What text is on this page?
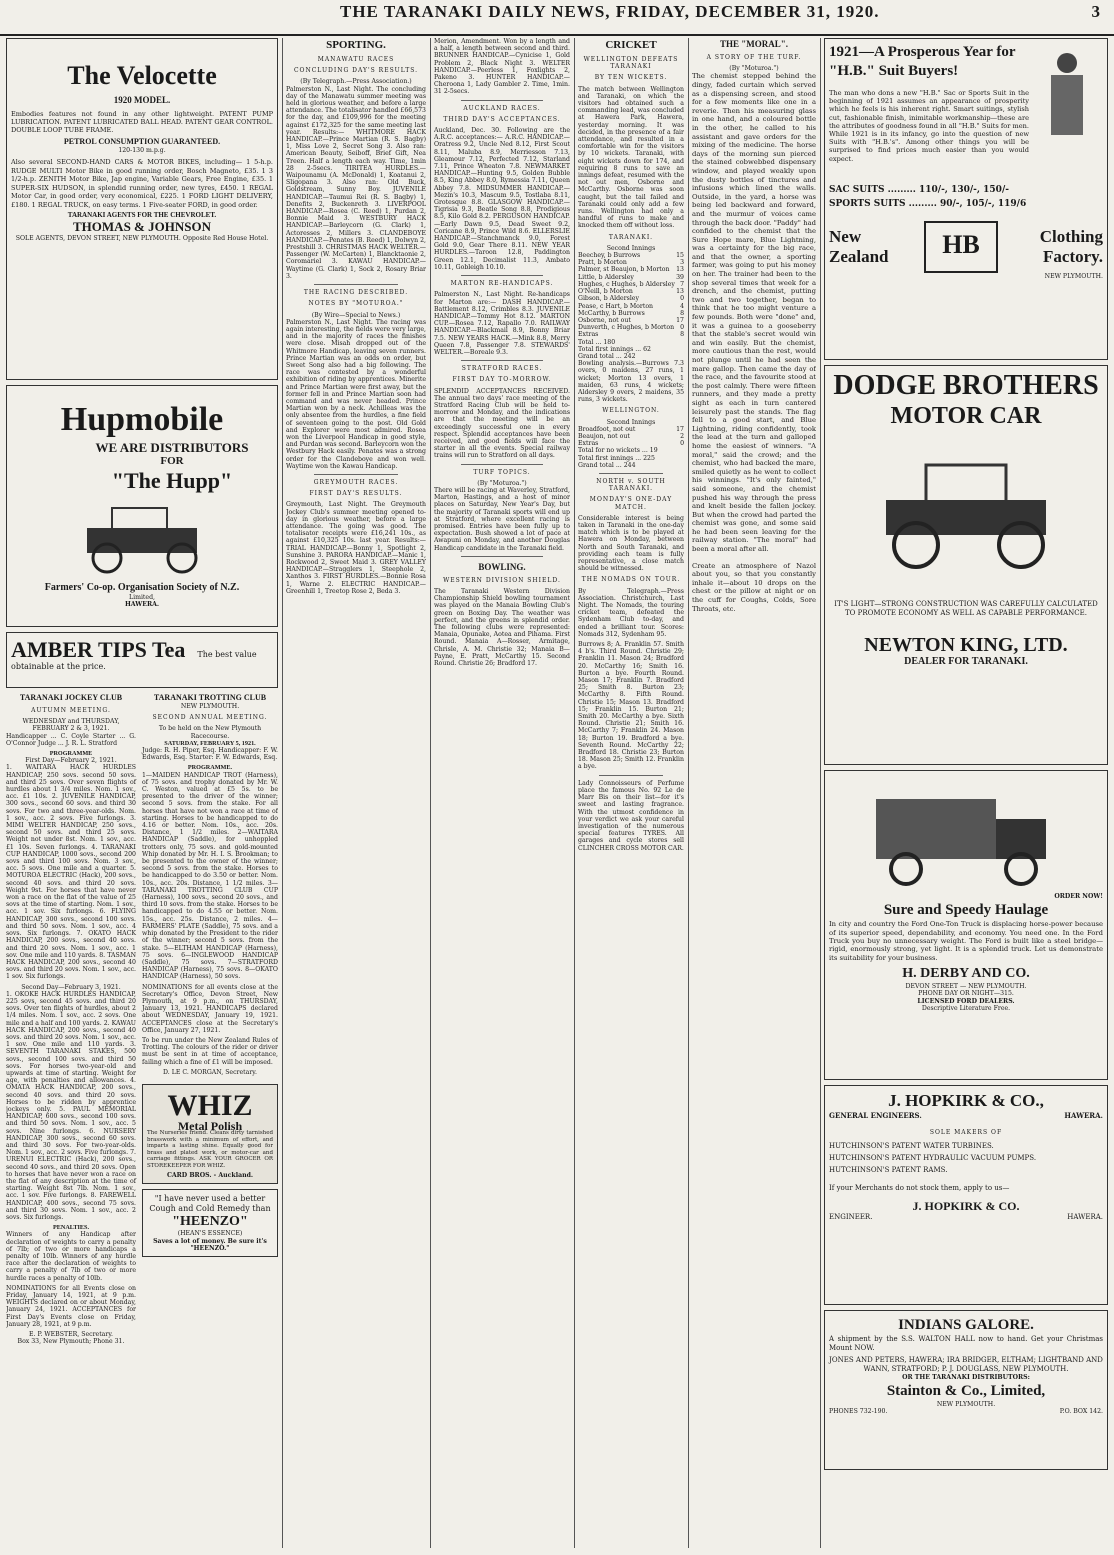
THE TARANAKI DAILY NEWS, FRIDAY, DECEMBER 31, 1920.	3
The Velocette
1920 MODEL.
Embodies features not found in any other lightweight. PATENT PUMP LUBRICATION. PATENT LUBRICATED BALL HEAD. PATENT GEAR CONTROL. DOUBLE LOOP TUBE FRAME.
PETROL CONSUMPTION GUARANTEED.
120-130 m.p.g.
Also several SECOND-HAND CARS & MOTOR BIKES, including— 1 5-h.p. RUDGE MULTI Motor Bike in good running order, Bosch Magneto, £35. 1 3 1/2-h.p. ZENITH Motor Bike, Jap engine, Variable Gears, Free Engine, £35. 1 SUPER-SIX HUDSON, in splendid running order, new tyres, £450. 1 REGAL Motor Car, in good order, very economical, £225. 1 FORD LIGHT DELIVERY, £180. 1 REGAL TRUCK, on easy terms. 1 Five-seater FORD, in good order.
TARANAKI AGENTS FOR THE CHEVROLET.
THOMAS & JOHNSON
SOLE AGENTS, DEVON STREET, NEW PLYMOUTH. Opposite Red House Hotel.
Hupmobile
WE ARE DISTRIBUTORS
FOR
"The Hupp"
Farmers' Co-op. Organisation Society of N.Z.
Limited,
HAWERA.
AMBER TIPS Tea The best value obtainable at the price.
TARANAKI JOCKEY CLUB
AUTUMN MEETING.
WEDNESDAY and THURSDAY, FEBRUARY 2 & 3, 1921.
Handicapper ... C. Coyle Starter ... G. O'Connor Judge ... J. R. L. Stratford
PROGRAMME
First Day—February 2, 1921.
1. WAITARA HACK HURDLES HANDICAP, 250 sovs. second 50 sovs. and third 25 sovs. Over seven flights of hurdles about 1 3/4 miles. Nom. 1 sov., acc. £1 10s. 2. JUVENILE HANDICAP, 300 sovs., second 60 sovs. and third 30 sovs. For two and three-year-olds. Nom. 1 sov., acc. 2 sovs. Five furlongs. 3. MIMI WELTER HANDICAP, 250 sovs., second 50 sovs. and third 25 sovs. Weight not under 8st. Nom. 1 sov., acc. £1 10s. Seven furlongs. 4. TARANAKI CUP HANDICAP, 1000 sovs., second 200 sovs and third 100 sovs. Nom. 3 sov., acc. 5 sovs. One mile and a quarter. 5. MOTUROA ELECTRIC (Hack), 200 sovs., second 40 sovs. and third 20 sovs. Weight 9st. For horses that have never won a race on the flat of the value of 25 sovs at the time of starting. Nom. 1 sov., acc. 1 sov. Six furlongs. 6. FLYING HANDICAP, 300 sovs., second 100 sovs. and third 50 sovs. Nom. 1 sov., acc. 4 sovs. Six furlongs. 7. OKATO HACK HANDICAP, 200 sovs., second 40 sovs. and third 20 sovs. Nom. 1 sov., acc. 1 sov. One mile and 110 yards. 8. TASMAN HACK HANDICAP, 200 sovs., second 40 sovs. and third 20 sovs. Nom. 1 sov., acc. 1 sov. Six furlongs.
Second Day—February 3, 1921.
1. OKOKE HACK HURDLES HANDICAP, 225 sovs, second 45 sovs. and third 20 sovs. Over ten flights of hurdles, about 2 1/4 miles. Nom. 1 sov., acc. 2 sovs. One mile and a half and 100 yards. 2. KAWAU HACK HANDICAP, 200 sovs., second 40 sovs. and third 20 sovs. Nom. 1 sov., acc. 1 sov. One mile and 110 yards. 3. SEVENTH TARANAKI STAKES, 500 sovs., second 100 sovs. and third 50 sovs. For horses two-year-old and upwards at time of starting. Weight for age, with penalties and allowances. 4. OMATA HACK HANDICAP, 200 sovs., second 40 sovs. and third 20 sovs. Horses to be ridden by apprentice jockeys only. 5. PAUL MEMORIAL HANDICAP, 600 sovs., second 100 sovs. and third 50 sovs. Nom. 1 sov., acc. 5 sovs. Nine furlongs. 6. NURSERY HANDICAP, 300 sovs., second 60 sovs. and third 30 sovs. For two-year-olds. Nom. 1 sov., acc. 2 sovs. Five furlongs. 7. URENUI ELECTRIC (Hack), 200 sovs., second 40 sovs., and third 20 sovs. Open to horses that have never won a race on the flat of any description at the time of starting. Weight 8st 7lb. Nom. 1 sov., acc. 1 sov. Five furlongs. 8. FAREWELL HANDICAP, 400 sovs., second 75 sovs. and third 30 sovs. Nom. 1 sov., acc. 2 sovs. Six furlongs.
PENALTIES.
Winners of any Handicap after declaration of weights to carry a penalty of 7lb; of two or more handicaps a penalty of 10lb. Winners of any hurdle race after the declaration of weights to carry a penalty of 7lb of two or more hurdle races a penalty of 10lb.
NOMINATIONS for all Events close on Friday, January 14, 1921, at 9 p.m. WEIGHTS declared on or about Monday, January 24, 1921. ACCEPTANCES for First Day's Events close on Friday, January 28, 1921, at 9 p.m.
E. P. WEBSTER, Secretary.
Box 33, New Plymouth; Phone 31.
TARANAKI TROTTING CLUB
NEW PLYMOUTH.
SECOND ANNUAL MEETING.
To be held on the New Plymouth Racecourse.
SATURDAY, FEBRUARY 5, 1921.
Judge: R. H. Piper, Esq. Handicapper: F. W. Edwards, Esq. Starter: F. W. Edwards, Esq.
PROGRAMME.
1—MAIDEN HANDICAP TROT (Harness), of 75 sovs. and trophy donated by Mr. W. C. Weston, valued at £5 5s. to be presented to the driver of the winner; second 5 sovs. from the stake. For all horses that have not won a race at time of starting. Horses to be handicapped to do 4.16 or better. Nom. 10s., acc. 20s. Distance, 1 1/2 miles. 2—WAITARA HANDICAP (Saddle), for unhoppled trotters only, 75 sovs. and gold-mounted Whip donated by Mr. H. I. S. Brookman; to be presented to the owner of the winner; second 5 sovs. from the stake. Horses to be handicapped to do 3.50 or better. Nom. 10s., acc. 20s. Distance, 1 1/2 miles. 3—TARANAKI TROTTING CLUB CUP (Harness), 100 sovs., second 20 sovs., and third 10 sovs. from the stake. Horses to be handicapped to do 4.55 or better. Nom. 15s., acc. 25s. Distance, 2 miles. 4—FARMERS' PLATE (Saddle), 75 sovs. and a whip donated by the President to the rider of the winner; second 5 sovs. from the stake. 5—ELTHAM HANDICAP (Harness), 75 sovs. 6—INGLEWOOD HANDICAP (Saddle), 75 sovs. 7—STRATFORD HANDICAP (Harness), 75 sovs. 8—OKATO HANDICAP (Harness), 50 sovs.
NOMINATIONS for all events close at the Secretary's Office, Devon Street, New Plymouth, at 9 p.m., on THURSDAY, January 13, 1921. HANDICAPS declared about WEDNESDAY, January 19, 1921. ACCEPTANCES close at the Secretary's Office, January 27, 1921.
To be run under the New Zealand Rules of Trotting. The colours of the rider or driver must be sent in at time of acceptance, failing which a fine of £1 will be imposed.
D. LE C. MORGAN, Secretary.
WHIZ
Metal Polish
The Nurseries friend. Cleans dirty tarnished brasswork with a minimum of effort, and imparts a lasting shine. Equally good for brass and plated work, or motor-car and carriage fittings. ASK YOUR GROCER OR STOREKEEPER FOR WHIZ.
CARD BROS. - Auckland.
"I have never used a better Cough and Cold Remedy than
"HEENZO"
(HEAN'S ESSENCE)
Saves a lot of money. Be sure it's "HEENZO."
SPORTING.
MANAWATU RACES
CONCLUDING DAY'S RESULTS.
(By Telegraph.—Press Association.)
Palmerston N., Last Night. The concluding day of the Manawatu summer meeting was held in glorious weather, and before a large attendance. The totalisator handled £66,573 for the day, and £109,996 for the meeting against £172,325 for the same meeting last year. Results:— WHITMORE HACK HANDICAP.—Prince Martian (R. S. Bagby) 1, Miss Love 2, Secret Song 3. Also ran: American Beauty, Seiboff, Brief Gift, Nea Treen. Half a length each way. Time, 1min 28 2-5secs. TIRITEA HURDLES.—Waipounamu (A. McDonald) 1, Koatanui 2, Sligopana 3. Also ran: Old Buck, Goldstream, Sunny Boy. JUVENILE HANDICAP.—Taumui Rei (R. S. Bagby) 1, Denefits 2, Buckenreth 3. LIVERPOOL HANDICAP.—Rosea (C. Reed) 1, Purdan 2, Bonnie Maid 3. WESTBURY HACK HANDICAP.—Barleycorn (G. Clark) 1, Actoresses 2, Millers 3. CLANDEBOYE HANDICAP.—Penates (B. Reed) 1, Dolwyn 2, Prestshill 3. CHRISTMAS HACK WELTER.—Passenger (W. McCarten) 1, Blancktaonie 2, Coromariel 3. KAWAU HANDICAP.—Waytime (G. Clark) 1, Sock 2, Rosary Briar 3.
THE RACING DESCRIBED.
NOTES BY "MOTUROA."
(By Wire—Special to News.)
Palmerston N., Last Night. The racing was again interesting, the fields were very large, and in the majority of races the finishes were close. Misah dropped out of the Whitmore Handicap, leaving seven runners. Prince Martian was an odds on order, but Sweet Song also had a big following. The race was contested by a wonderful exhibition of riding by apprentices. Minerite and Prince Martian were first away, but the former fell in and Prince Martian soon had command and was never headed. Prince Martian won by a neck. Achilleas was the only absentee from the hurdles, a fine field of seventeen going to the post. Old Gold and Explorer were most admired. Rosea won the Liverpool Handicap in good style, and Purdan was second. Barleycorn won the Westbury Hack easily. Penates was a strong order for the Clandeboye and won well. Waytime won the Kawau Handicap.
GREYMOUTH RACES.
FIRST DAY'S RESULTS.
Greymouth, Last Night. The Greymouth Jockey Club's summer meeting opened to-day in glorious weather, before a large attendance. The going was good. The totalisator receipts were £16,241 10s., as against £10,325 10s. last year. Results:— TRIAL HANDICAP.—Bonny 1, Spotlight 2, Sunshine 3. PARORA HANDICAP.—Manic 1, Rockwood 2, Sweet Maid 3. GREY VALLEY HANDICAP.—Stragglers 1, Steephole 2, Xanthos 3. FIRST HURDLES.—Bonnie Rosa 1, Warne 2. ELECTRIC HANDICAP.—Greenhill 1, Treetop Rose 2, Beda 3.
Merion, Amendment. Won by a length and a half, a length between second and third. BRUNNER HANDICAP.—Cynicise 1, Gold Problem 2, Black Night 3. WELTER HANDICAP.—Peerless 1, Foxlights 2, Pakeno 3. HUNTER HANDICAP.—Cheroona 1, Lady Gambler 2. Time, 1min. 31 2-5secs.
AUCKLAND RACES.
THIRD DAY'S ACCEPTANCES.
Auckland, Dec. 30. Following are the A.R.C. acceptances:— A.R.C. HANDICAP.—Oratress 9.2, Uncle Ned 8.12, First Scout 8.11, Maluba 8.9, Merriesson 7.13, Gleamour 7.12, Perfected 7.12, Starland 7.11, Prince Wheaton 7.8. NEWMARKET HANDICAP.—Hunting 9.5, Golden Bubble 8.5, King Abbey 8.0, Rymessia 7.11, Queen Abbey 7.8. MIDSUMMER HANDICAP.—Mezin's 10.3, Mascum 9.5, Tostlaba 8.11, Grotesque 8.8. GLASGOW HANDICAP.—Tigrisia 9.3, Beatle Song 8.8, Prodigious 8.5, Kilo Gold 8.2. PERGUSON HANDICAP.—Early Dawn 9.5, Dead Sweet 9.2, Coricane 8.9, Prince Wild 8.6. ELLERSLIE HANDICAP.—Stanchmanck 9.0, Forest Gold 9.0, Gear There 8.11. NEW YEAR HURDLES.—Taroon 12.8, Paddington Green 12.1, Decimalist 11.3, Ambato 10.11, Gobleigh 10.10.
MARTON RE-HANDICAPS.
Palmerston N., Last Night. Re-handicaps for Marton are:— DASH HANDICAP.—Battlement 8.12, Crimbles 8.3. JUVENILE HANDICAP.—Tommy Hot 8.12. MARTON CUP.—Rosea 7.12, Rapallo 7.0. RAILWAY HANDICAP.—Blackmail 8.9, Bonny Briar 7.5. NEW YEARS HACK.—Mink 8.8, Merry Queen 7.8, Passenger 7.8. STEWARDS' WELTER.—Boreale 9.3.
STRATFORD RACES.
FIRST DAY TO-MORROW.
SPLENDID ACCEPTANCES RECEIVED. The annual two days' race meeting of the Stratford Racing Club will be held to-morrow and Monday, and the indications are that the meeting will be an exceedingly successful one in every respect. Splendid acceptances have been received, and good fields will face the starter in all the events. Special railway trains will run to Stratford on all days.
TURF TOPICS.
(By "Moturoa.")
There will be racing at Waverley, Stratford, Marton, Hastings, and a host of minor places on Saturday, New Year's Day, but the majority of Taranaki sports will end up at Stratford, where excellent racing is promised. Entries have been fully up to expectation. Bush showed a lot of pace at Awapuni on Monday, and another Douglas Handicap candidate in the Taranaki field.
BOWLING.
WESTERN DIVISION SHIELD.
The Taranaki Western Division Championship Shield bowling tournament was played on the Manaia Bowling Club's green on Boxing Day. The weather was perfect, and the greens in splendid order. The following clubs were represented: Manaia, Opunake, Aotea and Pihama. First Round. Manaia A—Rosser, Armitage, Chrisle, A. M. Christie 32; Manaia B—Payne, E. Pratt, McCarthy 15. Second Round. Christie 26; Bradford 17.
CRICKET
WELLINGTON DEFEATS TARANAKI
BY TEN WICKETS.
The match between Wellington and Taranaki, on which the visitors had obtained such a commanding lead, was concluded at Hawera Park, Hawera, yesterday morning. It was decided, in the presence of a fair attendance, and resulted in a comfortable win for the visitors by 10 wickets. Taranaki, with eight wickets down for 174, and requiring 8 runs to save an innings defeat, resumed with the not out men, Osborne and McCarthy. Osborne was soon caught, but the tail failed and Taranaki could only add a few runs. Wellington had only a handful of runs to make and knocked them off without loss.
TARANAKI.
Second Innings
Beechey, b Burrows	15
Pratt, b Morton	3
Palmer, st Beaujon, b Morton 13
Little, b Aldersley	39
Hughes, c Hughes, b Aldersley 7
O'Neill, b Morton	13
Gibson, b Aldersley	0
Pease, c Hart, b Morton	4
McCarthy, b Burrows	8
Osborne, not out	17
Dunverth, c Hughes, b Morton 0
Extras	8
Total ... 180
Total first innings ... 62
Grand total ... 242
Bowling analysis.—Burrows 7.3 overs, 0 maidens, 27 runs, 1 wicket; Morton 13 overs, 1 maiden, 63 runs, 4 wickets; Aldersley 9 overs, 2 maidens, 35 runs, 3 wickets.
WELLINGTON.
Second Innings
Broadfoot, not out	17
Beaujon, not out	2
Extras	0
Total for no wickets ... 19
Total first innings ... 225
Grand total ... 244
NORTH v. SOUTH TARANAKI.
MONDAY'S ONE-DAY MATCH.
Considerable interest is being taken in Taranaki in the one-day match which is to be played at Hawera on Monday, between North and South Taranaki, and providing each team is fully representative, a close match should be witnessed.
THE NOMADS ON TOUR.
By Telegraph.—Press Association. Christchurch, Last Night. The Nomads, the touring cricket team, defeated the Sydenham Club to-day, and ended a brilliant tour. Scores: Nomads 312, Sydenham 95.
Burrows 8; A. Franklin 57. Smith 4 b's. Third Round. Christie 29; Franklin 11. Mason 24; Bradford 20. McCarthy 16; Smith 16. Burton a bye. Fourth Round. Mason 17; Franklin 7. Bradford 25; Smith 8. Burton 23; McCarthy 8. Fifth Round. Christie 15; Mason 13. Bradford 15; Franklin 15. Burton 21; Smith 20. McCarthy a bye. Sixth Round. Christie 21; Smith 16. McCarthy 7; Franklin 24. Mason 18; Burton 19. Bradford a bye. Seventh Round. McCarthy 22; Bradford 18. Christie 23; Burton 18. Mason 25; Smith 12. Franklin a bye.
Lady Connoisseurs of Perfume place the famous No. 92 Le de Marr Bis on their list—for it's sweet and lasting fragrance. With the utmost confidence in your verdict we ask your careful investigation of the numerous special features TYRES. All garages and cycle stores sell CLINCHER CROSS MOTOR CAR.
THE "MORAL".
A STORY OF THE TURF.
(By "Moturoa.")
The chemist stepped behind the dingy, faded curtain which served as a dispensing screen, and stood for a few moments like one in a reverie. Then his measuring glass in one hand, and a coloured bottle in the other, he called to his assistant and gave orders for the mixing of the medicine. The horse days of the morning sun pierced the stained cobwebbed dispensary window, and played weakly upon the dusty bottles of tinctures and infusions which lined the walls. Outside, in the yard, a horse was being led backward and forward, and the murmur of voices came through the back door. "Paddy" had confided to the chemist that the Sure Hope mare, Blue Lightning, was a certainty for the big race, and that the owner, a sporting farmer, was going to put his money on her. The trainer had been to the shop several times that week for a drench, and the chemist, putting two and two together, began to think that he too might venture a few pounds. Both were "done" and, it was a guinea to a gooseberry that the stable's secret would win and win easily. But the chemist, more cautious than the rest, would not plunge until he had seen the mare gallop. Then came the day of the race, and the favourite stood at the post calmly. There were fifteen runners, and they made a pretty sight as each in turn cantered leisurely past the stands. The flag fell to a good start, and Blue Lightning, riding confidently, took the lead at the turn and galloped home the easiest of winners. "A moral," said the crowd; and the chemist, who had backed the mare, smiled quietly as he went to collect his winnings. "It's only fainted," said someone, and the chemist pushed his way through the press and knelt beside the fallen jockey. But when the crowd had parted the chemist was gone, and some said he had been seen leaving for the railway station. "The moral" had been a moral after all.
Create an atmosphere of Nazol about you, so that you constantly inhale it—about 10 drops on the chest or the pillow at night or on the cuff for Coughs, Colds, Sore Throats, etc.
1921—A Prosperous Year for "H.B." Suit Buyers!
The man who dons a new "H.B." Sac or Sports Suit in the beginning of 1921 assumes an appearance of prosperity which he feels is his inherent right. Smart suitings, stylish cut, fashionable finish, inimitable workmanship—these are the attributes of goodness found in all "H.B." Suits for men. While 1921 is in its infancy, go into the question of new Suits with "H.B.'s". Among other things you will be surprised to find prices much easier than you would expect.
SAC SUITS ......... 110/-, 130/-, 150/-
SPORTS SUITS ......... 90/-, 105/-, 119/6
New Zealand	HB	Clothing Factory.
NEW PLYMOUTH.
DODGE BROTHERS
MOTOR CAR
IT'S LIGHT—STRONG CONSTRUCTION WAS CAREFULLY CALCULATED TO PROMOTE ECONOMY AS WELL AS CAPABLE PERFORMANCE.
NEWTON KING, LTD.
DEALER FOR TARANAKI.
ORDER NOW!
Sure and Speedy Haulage
In city and country the Ford One-Ton Truck is displacing horse-power because of its superior speed, dependability, and economy. You need one. In the Ford Truck you buy no unnecessary weight. The Ford is built like a steel bridge—rigid, enormously strong, yet light. It is a splendid truck. Let us demonstrate its suitability for your business.
H. DERBY AND CO.
DEVON STREET — NEW PLYMOUTH.
PHONE DAY OR NIGHT—315.
LICENSED FORD DEALERS.
Descriptive Literature Free.
J. HOPKIRK & CO.,
GENERAL ENGINEERS.	HAWERA.
SOLE MAKERS OF
HUTCHINSON'S PATENT WATER TURBINES.
HUTCHINSON'S PATENT HYDRAULIC VACUUM PUMPS.
HUTCHINSON'S PATENT RAMS.
If your Merchants do not stock them, apply to us—
J. HOPKIRK & CO.
ENGINEER.	HAWERA.
INDIANS GALORE.
A shipment by the S.S. WALTON HALL now to hand. Get your Christmas Mount NOW.
JONES AND PETERS, HAWERA; IRA BRIDGER, ELTHAM; LIGHTBAND AND WANN, STRATFORD; P. J. DOUGLASS, NEW PLYMOUTH.
OR THE TARANAKI DISTRIBUTORS:
Stainton & Co., Limited,
NEW PLYMOUTH.
PHONES 732-190.	P.O. BOX 142.
